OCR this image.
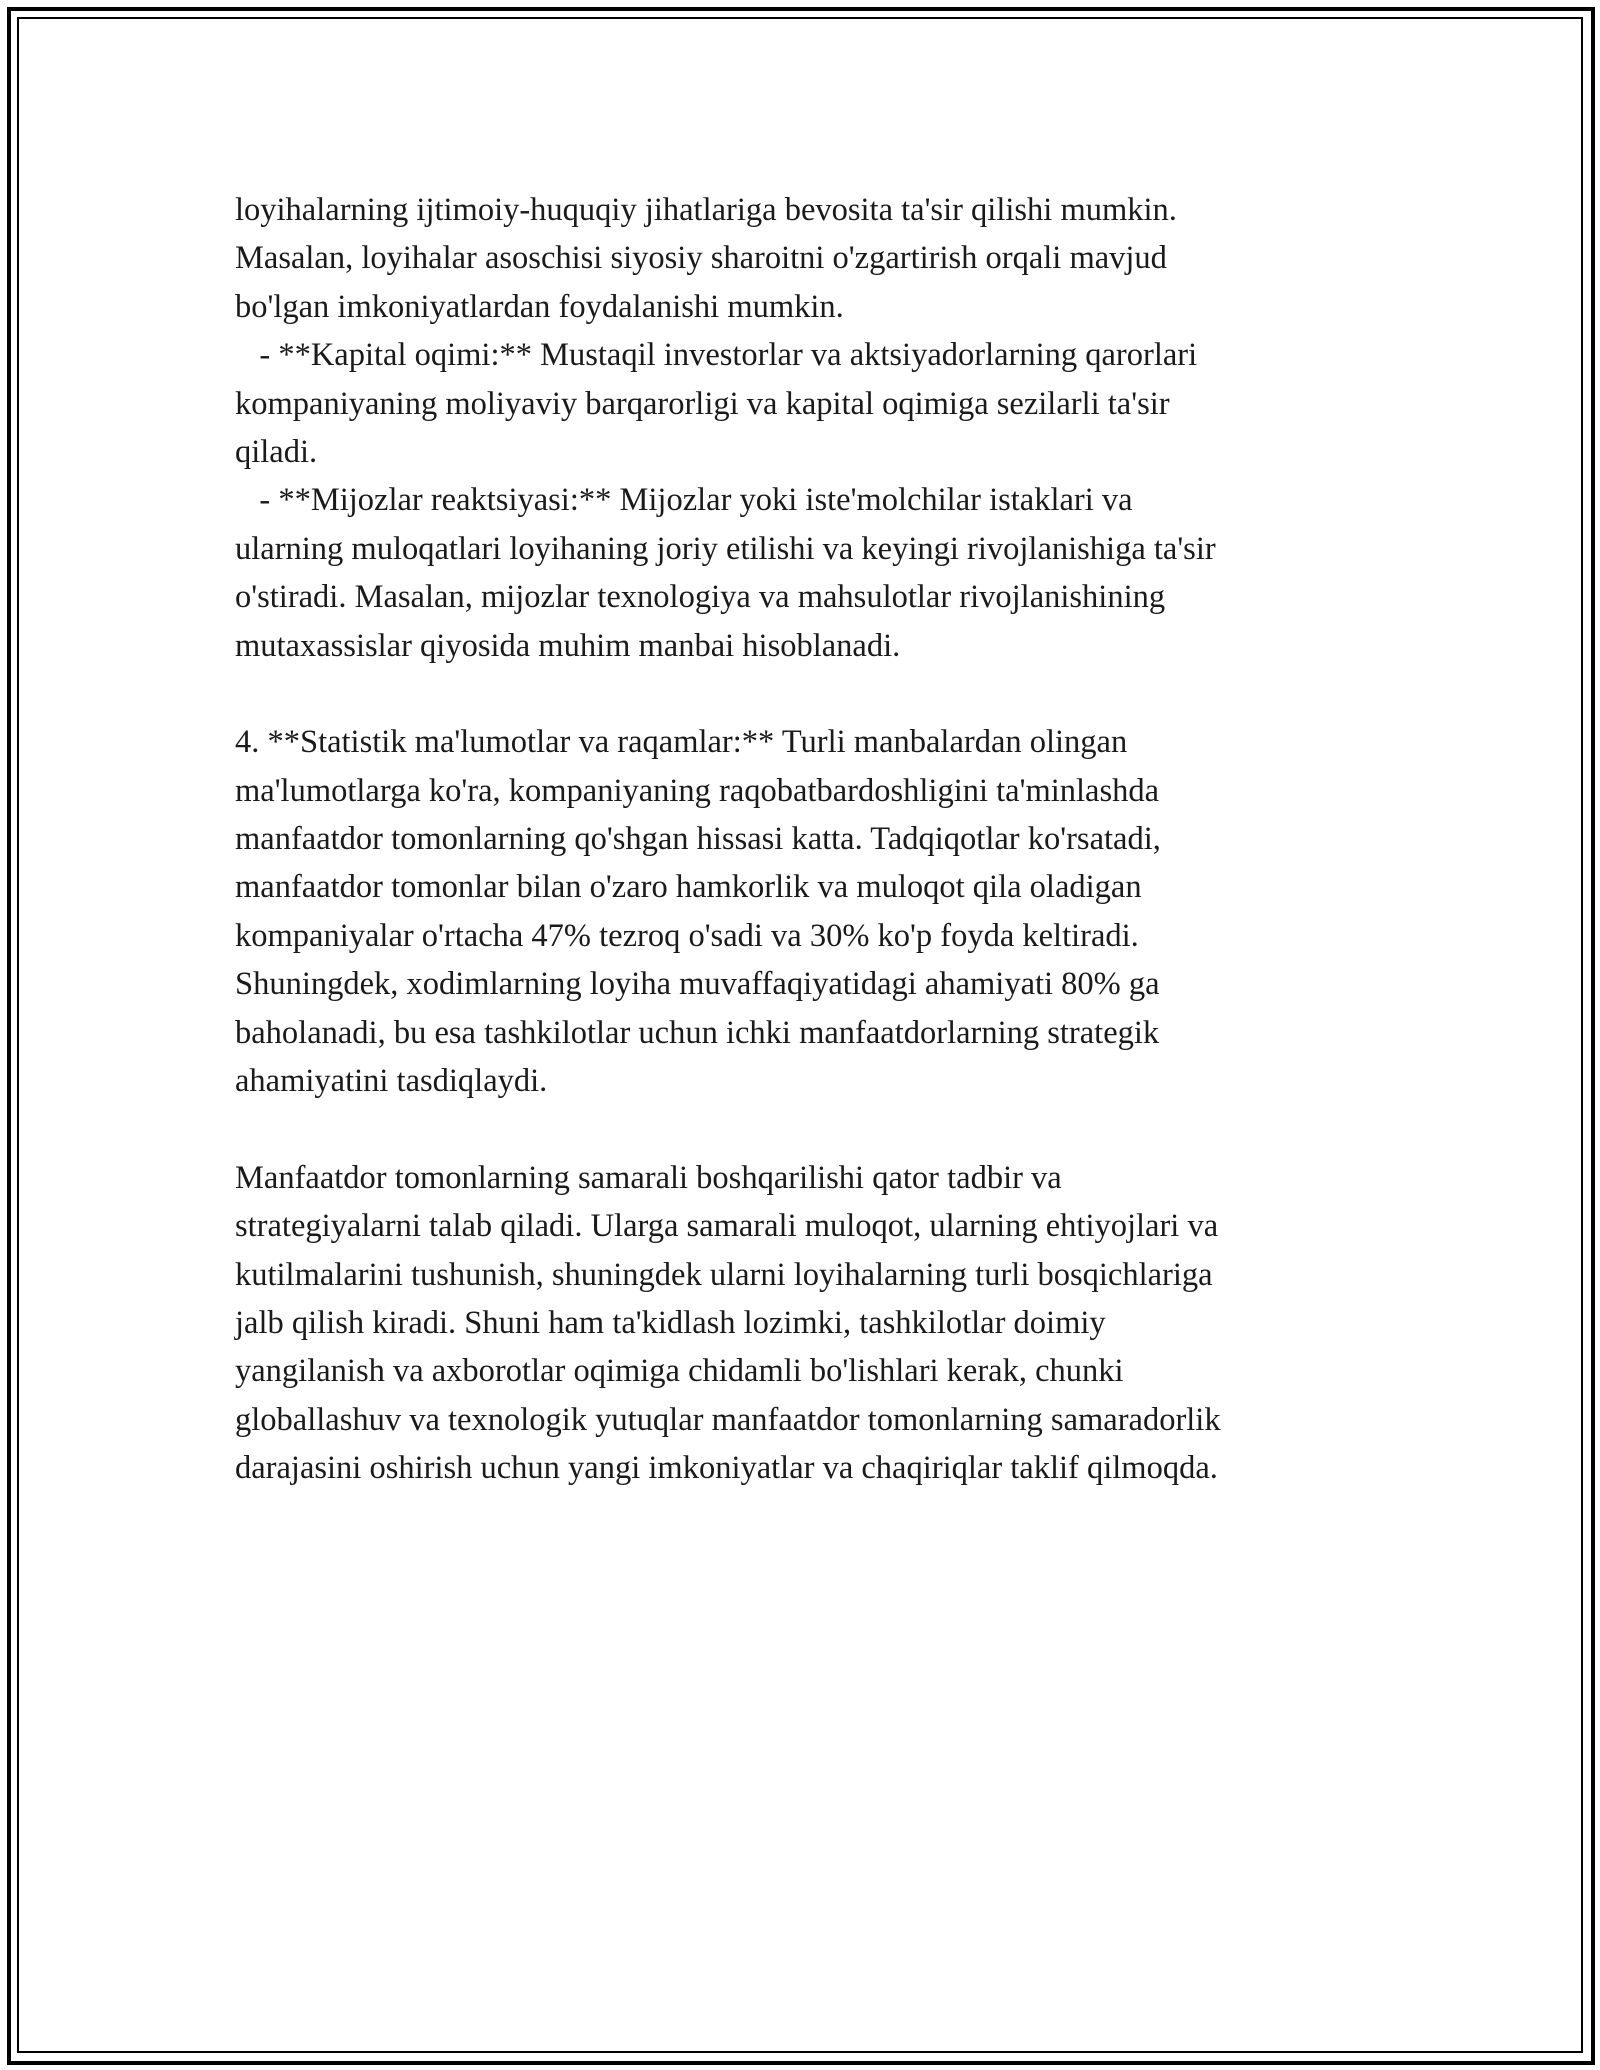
loyihalarning ijtimoiy-huquqiy jihatlariga bevosita ta'sir qilishi mumkin.
Masalan, loyihalar asoschisi siyosiy sharoitni o'zgartirish orqali mavjud
bo'lgan imkoniyatlardan foydalanishi mumkin.
- **Kapital oqimi:** Mustaqil investorlar va aktsiyadorlarning qarorlari
kompaniyaning moliyaviy barqarorligi va kapital oqimiga sezilarli ta'sir
qiladi.
- **Mijozlar reaktsiyasi:** Mijozlar yoki iste'molchilar istaklari va
ularning muloqatlari loyihaning joriy etilishi va keyingi rivojlanishiga ta'sir
o'stiradi. Masalan, mijozlar texnologiya va mahsulotlar rivojlanishining
mutaxassislar qiyosida muhim manbai hisoblanadi.
4. **Statistik ma'lumotlar va raqamlar:** Turli manbalardan olingan
ma'lumotlarga ko'ra, kompaniyaning raqobatbardoshligini ta'minlashda
manfaatdor tomonlarning qo'shgan hissasi katta. Tadqiqotlar ko'rsatadi,
manfaatdor tomonlar bilan o'zaro hamkorlik va muloqot qila oladigan
kompaniyalar o'rtacha 47% tezroq o'sadi va 30% ko'p foyda keltiradi.
Shuningdek, xodimlarning loyiha muvaffaqiyatidagi ahamiyati 80% ga
baholanadi, bu esa tashkilotlar uchun ichki manfaatdorlarning strategik
ahamiyatini tasdiqlaydi.
Manfaatdor tomonlarning samarali boshqarilishi qator tadbir va
strategiyalarni talab qiladi. Ularga samarali muloqot, ularning ehtiyojlari va
kutilmalarini tushunish, shuningdek ularni loyihalarning turli bosqichlariga
jalb qilish kiradi. Shuni ham ta'kidlash lozimki, tashkilotlar doimiy
yangilanish va axborotlar oqimiga chidamli bo'lishlari kerak, chunki
globallashuv va texnologik yutuqlar manfaatdor tomonlarning samaradorlik
darajasini oshirish uchun yangi imkoniyatlar va chaqiriqlar taklif qilmoqda.
